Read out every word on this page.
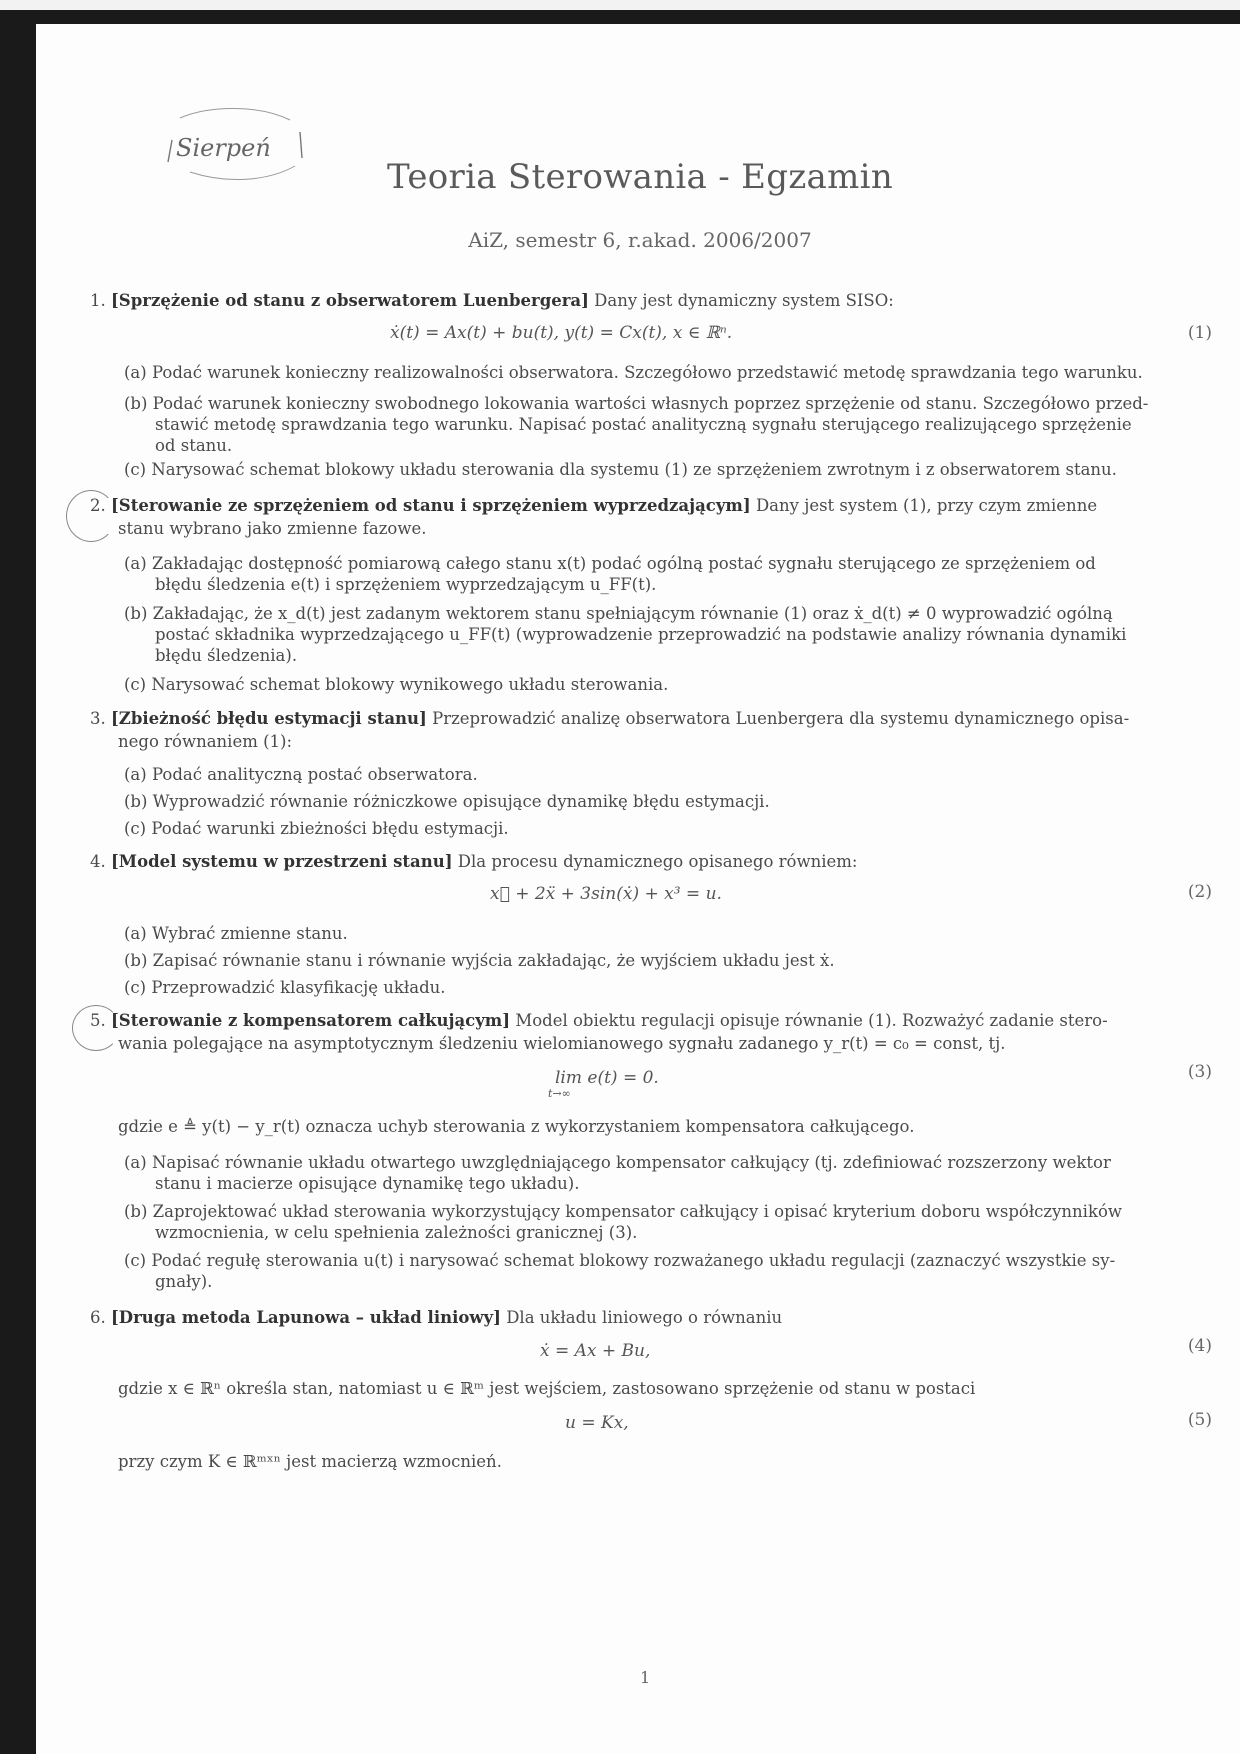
Sierpeń
Teoria Sterowania - Egzamin
AiZ, semestr 6, r.akad. 2006/2007
1. [Sprzężenie od stanu z obserwatorem Luenbergera] Dany jest dynamiczny system SISO:
ẋ(t) = Ax(t) + bu(t), y(t) = Cx(t), x ∈ ℝⁿ.	(1)
(a) Podać warunek konieczny realizowalności obserwatora. Szczegółowo przedstawić metodę sprawdzania tego warunku.
(b) Podać warunek konieczny swobodnego lokowania wartości własnych poprzez sprzężenie od stanu. Szczegółowo przed-
stawić metodę sprawdzania tego warunku. Napisać postać analityczną sygnału sterującego realizującego sprzężenie
od stanu.
(c) Narysować schemat blokowy układu sterowania dla systemu (1) ze sprzężeniem zwrotnym i z obserwatorem stanu.
2. [Sterowanie ze sprzężeniem od stanu i sprzężeniem wyprzedzającym] Dany jest system (1), przy czym zmienne
stanu wybrano jako zmienne fazowe.
(a) Zakładając dostępność pomiarową całego stanu x(t) podać ogólną postać sygnału sterującego ze sprzężeniem od
błędu śledzenia e(t) i sprzężeniem wyprzedzającym u_FF(t).
(b) Zakładając, że x_d(t) jest zadanym wektorem stanu spełniającym równanie (1) oraz ẋ_d(t) ≠ 0 wyprowadzić ogólną
postać składnika wyprzedzającego u_FF(t) (wyprowadzenie przeprowadzić na podstawie analizy równania dynamiki
błędu śledzenia).
(c) Narysować schemat blokowy wynikowego układu sterowania.
3. [Zbieżność błędu estymacji stanu] Przeprowadzić analizę obserwatora Luenbergera dla systemu dynamicznego opisa-
nego równaniem (1):
(a) Podać analityczną postać obserwatora.
(b) Wyprowadzić równanie różniczkowe opisujące dynamikę błędu estymacji.
(c) Podać warunki zbieżności błędu estymacji.
4. [Model systemu w przestrzeni stanu] Dla procesu dynamicznego opisanego równiem:
x⃛ + 2ẍ + 3sin(ẋ) + x³ = u.	(2)
(a) Wybrać zmienne stanu.
(b) Zapisać równanie stanu i równanie wyjścia zakładając, że wyjściem układu jest ẋ.
(c) Przeprowadzić klasyfikację układu.
5. [Sterowanie z kompensatorem całkującym] Model obiektu regulacji opisuje równanie (1). Rozważyć zadanie stero-
wania polegające na asymptotycznym śledzeniu wielomianowego sygnału zadanego y_r(t) = c₀ = const, tj.
lim e(t) = 0.
t→∞
(3)
gdzie e ≜ y(t) − y_r(t) oznacza uchyb sterowania z wykorzystaniem kompensatora całkującego.
(a) Napisać równanie układu otwartego uwzględniającego kompensator całkujący (tj. zdefiniować rozszerzony wektor
stanu i macierze opisujące dynamikę tego układu).
(b) Zaprojektować układ sterowania wykorzystujący kompensator całkujący i opisać kryterium doboru współczynników
wzmocnienia, w celu spełnienia zależności granicznej (3).
(c) Podać regułę sterowania u(t) i narysować schemat blokowy rozważanego układu regulacji (zaznaczyć wszystkie sy-
gnały).
6. [Druga metoda Lapunowa – układ liniowy] Dla układu liniowego o równaniu
ẋ = Ax + Bu,	(4)
gdzie x ∈ ℝⁿ określa stan, natomiast u ∈ ℝᵐ jest wejściem, zastosowano sprzężenie od stanu w postaci
u = Kx,	(5)
przy czym K ∈ ℝᵐˣⁿ jest macierzą wzmocnień.
1
